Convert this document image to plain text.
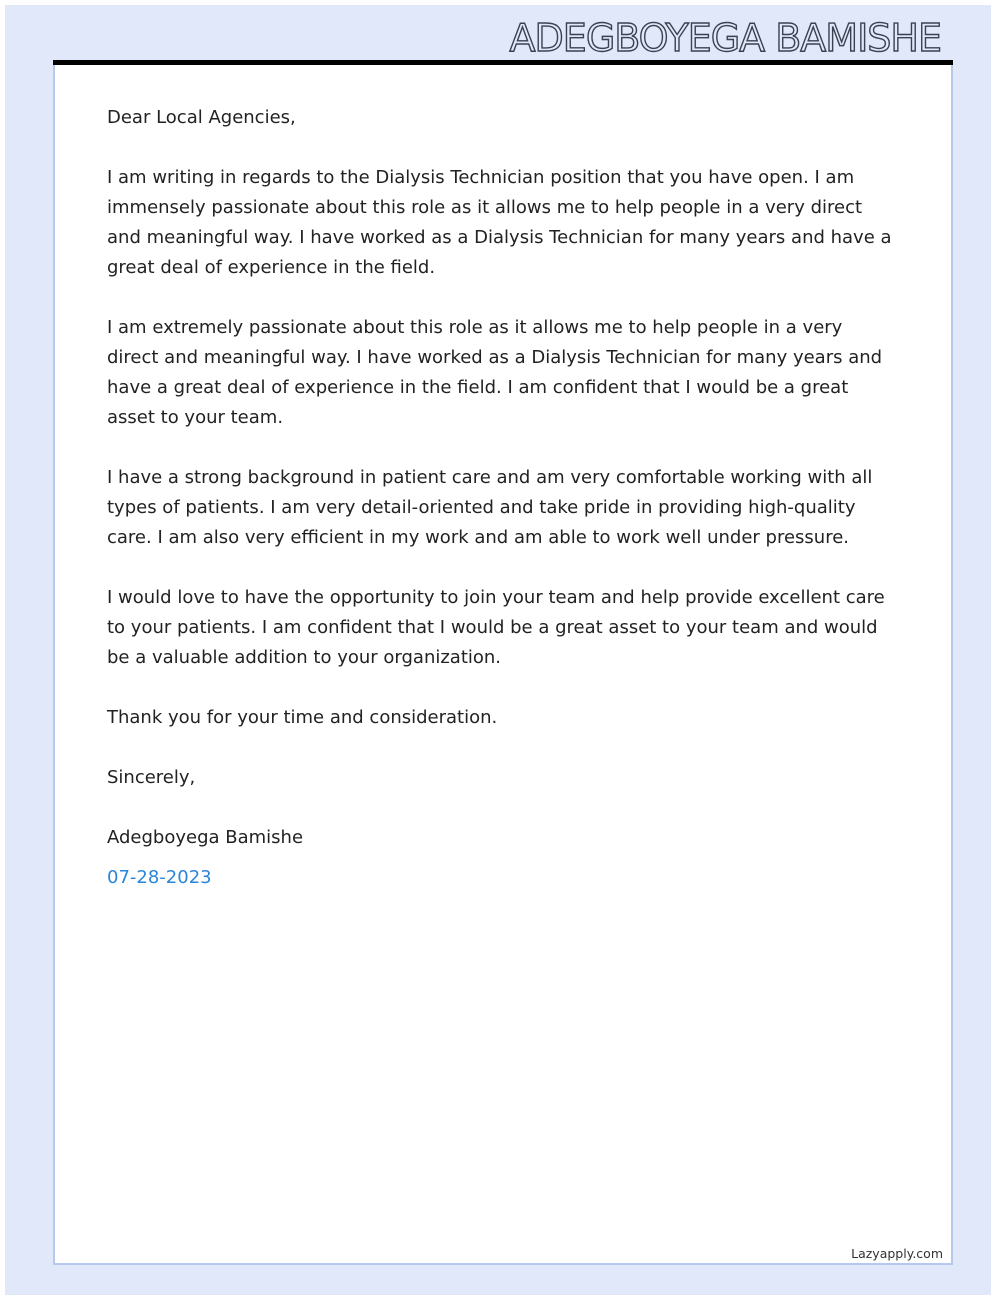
ADEGBOYEGA BAMISHE

Dear Local Agencies,

I am writing in regards to the Dialysis Technician position that you have open. I am immensely passionate about this role as it allows me to help people in a very direct and meaningful way. I have worked as a Dialysis Technician for many years and have a great deal of experience in the field.

I am extremely passionate about this role as it allows me to help people in a very direct and meaningful way. I have worked as a Dialysis Technician for many years and have a great deal of experience in the field. I am confident that I would be a great asset to your team.

I have a strong background in patient care and am very comfortable working with all types of patients. I am very detail-oriented and take pride in providing high-quality care. I am also very efficient in my work and am able to work well under pressure.

I would love to have the opportunity to join your team and help provide excellent care to your patients. I am confident that I would be a great asset to your team and would be a valuable addition to your organization.

Thank you for your time and consideration.

Sincerely,

Adegboyega Bamishe

07-28-2023

Lazyapply.com
